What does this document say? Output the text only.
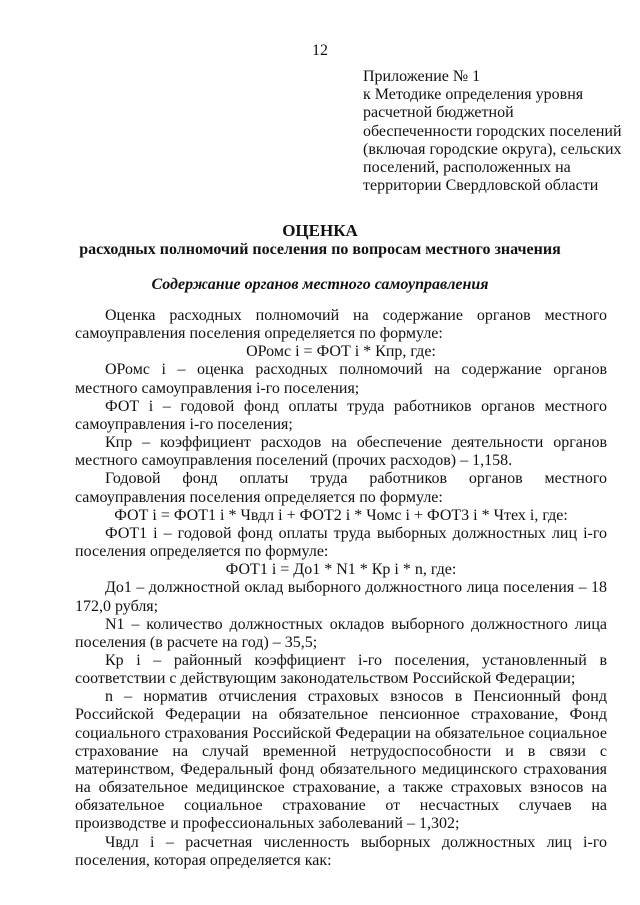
12
Приложение № 1
к Методике определения уровня
расчетной бюджетной
обеспеченности городских поселений
(включая городские округа), сельских
поселений, расположенных на
территории Свердловской области
ОЦЕНКА
расходных полномочий поселения по вопросам местного значения
Содержание органов местного самоуправления

Оценка расходных полномочий на содержание органов местного самоуправления поселения определяется по формуле:

ОРомс i = ФОТ i * Кпр, где:

ОРомс i – оценка расходных полномочий на содержание органов местного самоуправления i-го поселения;

ФОТ i – годовой фонд оплаты труда работников органов местного самоуправления i-го поселения;

Кпр – коэффициент расходов на обеспечение деятельности органов местного самоуправления поселений (прочих расходов) – 1,158.

Годовой фонд оплаты труда работников органов местного самоуправления поселения определяется по формуле:

ФОТ i = ФОТ1 i * Чвдл i + ФОТ2 i * Чомс i + ФОТ3 i * Чтех i, где:

ФОТ1 i – годовой фонд оплаты труда выборных должностных лиц i-го поселения определяется по формуле:

ФОТ1 i = До1 * N1 * Кр i * n, где:

До1 – должностной оклад выборного должностного лица поселения – 18 172,0 рубля;

N1 – количество должностных окладов выборного должностного лица поселения (в расчете на год) – 35,5;

Кр i – районный коэффициент i-го поселения, установленный в соответствии с действующим законодательством Российской Федерации;

n – норматив отчисления страховых взносов в Пенсионный фонд Российской Федерации на обязательное пенсионное страхование, Фонд социального страхования Российской Федерации на обязательное социальное страхование на случай временной нетрудоспособности и в связи с материнством, Федеральный фонд обязательного медицинского страхования на обязательное медицинское страхование, а также страховых взносов на обязательное социальное страхование от несчастных случаев на производстве и профессиональных заболеваний – 1,302;

Чвдл i – расчетная численность выборных должностных лиц i-го поселения, которая определяется как:
